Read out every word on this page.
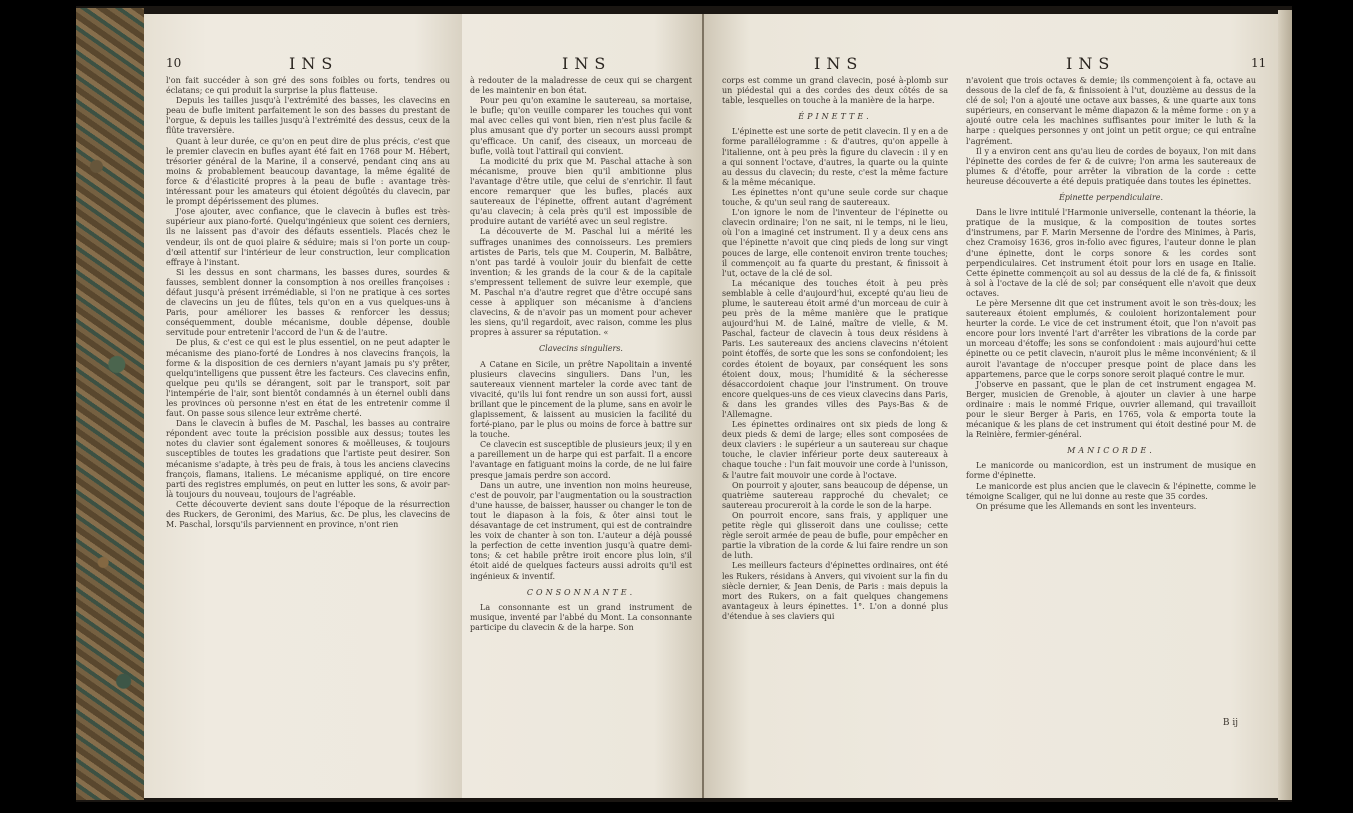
10	INS

l'on fait succéder à son gré des sons foibles ou forts, tendres ou éclatans; ce qui produit la surprise la plus flatteuse.

Depuis les tailles jusqu'à l'extrémité des basses, les clavecins en peau de bufle imitent parfaitement le son des basses du prestant de l'orgue, & depuis les tailles jusqu'à l'extrémité des dessus, ceux de la flûte traversière.

Quant à leur durée, ce qu'on en peut dire de plus précis, c'est que le premier clavecin en bufles ayant été fait en 1768 pour M. Hébert, trésorier général de la Marine, il a conservé, pendant cinq ans au moins & probablement beaucoup davantage, la même égalité de force & d'élasticité propres à la peau de bufle : avantage très-intéressant pour les amateurs qui étoient dégoûtés du clavecin, par le prompt dépérissement des plumes.

J'ose ajouter, avec confiance, que le clavecin à bufles est très-supérieur aux piano-forté. Quelqu'ingénieux que soient ces derniers, ils ne laissent pas d'avoir des défauts essentiels. Placés chez le vendeur, ils ont de quoi plaire & séduire; mais si l'on porte un coup-d'œil attentif sur l'intérieur de leur construction, leur complication effraye à l'instant.

Si les dessus en sont charmans, les basses dures, sourdes & fausses, semblent donner la consomption à nos oreilles françoises : défaut jusqu'à présent irrémédiable, si l'on ne pratique à ces sortes de clavecins un jeu de flûtes, tels qu'on en a vus quelques-uns à Paris, pour améliorer les basses & renforcer les dessus; conséquemment, double mécanisme, double dépense, double servitude pour entretenir l'accord de l'un & de l'autre.

De plus, & c'est ce qui est le plus essentiel, on ne peut adapter le mécanisme des piano-forté de Londres à nos clavecins françois, la forme & la disposition de ces derniers n'ayant jamais pu s'y prêter, quelqu'intelligens que pussent être les facteurs. Ces clavecins enfin, quelque peu qu'ils se dérangent, soit par le transport, soit par l'intempérie de l'air, sont bientôt condamnés à un éternel oubli dans les provinces où personne n'est en état de les entretenir comme il faut. On passe sous silence leur extrême cherté.

Dans le clavecin à bufles de M. Paschal, les basses au contraire répondent avec toute la précision possible aux dessus; toutes les notes du clavier sont également sonores & moëlleuses, & toujours susceptibles de toutes les gradations que l'artiste peut desirer. Son mécanisme s'adapte, à très peu de frais, à tous les anciens clavecins françois, flamans, italiens. Le mécanisme appliqué, on tire encore parti des registres emplumés, on peut en lutter les sons, & avoir par-là toujours du nouveau, toujours de l'agréable.

Cette découverte devient sans doute l'époque de la résurrection des Ruckers, de Geronimi, des Marius, &c. De plus, les clavecins de M. Paschal, lorsqu'ils parviennent en province, n'ont rien

INS

à redouter de la maladresse de ceux qui se chargent de les maintenir en bon état.

Pour peu qu'on examine le sautereau, sa mortaise, le bufle; qu'on veuille comparer les touches qui vont mal avec celles qui vont bien, rien n'est plus facile & plus amusant que d'y porter un secours aussi prompt qu'efficace. Un canif, des ciseaux, un morceau de bufle, voilà tout l'attirail qui convient.

La modicité du prix que M. Paschal attache à son mécanisme, prouve bien qu'il ambitionne plus l'avantage d'être utile, que celui de s'enrichir. Il faut encore remarquer que les bufles, placés aux sautereaux de l'épinette, offrent autant d'agrément qu'au clavecin; à cela près qu'il est impossible de produire autant de variété avec un seul registre.

La découverte de M. Paschal lui a mérité les suffrages unanimes des connoisseurs. Les premiers artistes de Paris, tels que M. Couperin, M. Balbâtre, n'ont pas tardé à vouloir jouir du bienfait de cette invention; & les grands de la cour & de la capitale s'empressent tellement de suivre leur exemple, que M. Paschal n'a d'autre regret que d'être occupé sans cesse à appliquer son mécanisme à d'anciens clavecins, & de n'avoir pas un moment pour achever les siens, qu'il regardoit, avec raison, comme les plus propres à assurer sa réputation. «

Clavecins singuliers.

A Catane en Sicile, un prêtre Napolitain a inventé plusieurs clavecins singuliers. Dans l'un, les sautereaux viennent marteler la corde avec tant de vivacité, qu'ils lui font rendre un son aussi fort, aussi brillant que le pincement de la plume, sans en avoir le glapissement, & laissent au musicien la facilité du forté-piano, par le plus ou moins de force à battre sur la touche.

Ce clavecin est susceptible de plusieurs jeux; il y en a pareillement un de harpe qui est parfait. Il a encore l'avantage en fatiguant moins la corde, de ne lui faire presque jamais perdre son accord.

Dans un autre, une invention non moins heureuse, c'est de pouvoir, par l'augmentation ou la soustraction d'une hausse, de baisser, hausser ou changer le ton de tout le diapason à la fois, & ôter ainsi tout le désavantage de cet instrument, qui est de contraindre les voix de chanter à son ton. L'auteur a déjà poussé la perfection de cette invention jusqu'à quatre demi-tons; & cet habile prêtre iroit encore plus loin, s'il étoit aidé de quelques facteurs aussi adroits qu'il est ingénieux & inventif.

CONSONNANTE.

La consonnante est un grand instrument de musique, inventé par l'abbé du Mont. La consonnante participe du clavecin & de la harpe. Son

INS

corps est comme un grand clavecin, posé à-plomb sur un piédestal qui a des cordes des deux côtés de sa table, lesquelles on touche à la manière de la harpe.

ÉPINETTE.

L'épinette est une sorte de petit clavecin. Il y en a de forme parallélogramme : & d'autres, qu'on appelle à l'italienne, ont à peu près la figure du clavecin : il y en a qui sonnent l'octave, d'autres, la quarte ou la quinte au dessus du clavecin; du reste, c'est la même facture & la même mécanique.

Les épinettes n'ont qu'une seule corde sur chaque touche, & qu'un seul rang de sautereaux.

L'on ignore le nom de l'inventeur de l'épinette ou clavecin ordinaire; l'on ne sait, ni le temps, ni le lieu, où l'on a imaginé cet instrument. Il y a deux cens ans que l'épinette n'avoit que cinq pieds de long sur vingt pouces de large, elle contenoit environ trente touches; il commençoit au fa quarte du prestant, & finissoit à l'ut, octave de la clé de sol.

La mécanique des touches étoit à peu près semblable à celle d'aujourd'hui, excepté qu'au lieu de plume, le sautereau étoit armé d'un morceau de cuir à peu près de la même manière que le pratique aujourd'hui M. de Lainé, maître de vielle, & M. Paschal, facteur de clavecin à tous deux résidens à Paris. Les sautereaux des anciens clavecins n'étoient point étoffés, de sorte que les sons se confondoient; les cordes étoient de boyaux, par conséquent les sons étoient doux, mous; l'humidité & la sécheresse désaccordoient chaque jour l'instrument. On trouve encore quelques-uns de ces vieux clavecins dans Paris, & dans les grandes villes des Pays-Bas & de l'Allemagne.

Les épinettes ordinaires ont six pieds de long & deux pieds & demi de large; elles sont composées de deux claviers : le supérieur a un sautereau sur chaque touche, le clavier inférieur porte deux sautereaux à chaque touche : l'un fait mouvoir une corde à l'unisson, & l'autre fait mouvoir une corde à l'octave.

On pourroit y ajouter, sans beaucoup de dépense, un quatrième sautereau rapproché du chevalet; ce sautereau procureroit à la corde le son de la harpe.

On pourroit encore, sans frais, y appliquer une petite règle qui glisseroit dans une coulisse; cette règle seroit armée de peau de bufle, pour empêcher en partie la vibration de la corde & lui faire rendre un son de luth.

Les meilleurs facteurs d'épinettes ordinaires, ont été les Rukers, résidans à Anvers, qui vivoient sur la fin du siècle dernier, & Jean Denis, de Paris : mais depuis la mort des Rukers, on a fait quelques changemens avantageux à leurs épinettes. 1°. L'on a donné plus d'étendue à ses claviers qui

INS	11

n'avoient que trois octaves & demie; ils commençoient à fa, octave au dessous de la clef de fa, & finissoient à l'ut, douzième au dessus de la clé de sol; l'on a ajouté une octave aux basses, & une quarte aux tons supérieurs, en conservant le même diapazon & la même forme : on y a ajouté outre cela les machines suffisantes pour imiter le luth & la harpe : quelques personnes y ont joint un petit orgue; ce qui entraîne l'agrément.

Il y a environ cent ans qu'au lieu de cordes de boyaux, l'on mit dans l'épinette des cordes de fer & de cuivre; l'on arma les sautereaux de plumes & d'étoffe, pour arrêter la vibration de la corde : cette heureuse découverte a été depuis pratiquée dans toutes les épinettes.

Épinette perpendiculaire.

Dans le livre intitulé l'Harmonie universelle, contenant la théorie, la pratique de la musique, & la composition de toutes sortes d'instrumens, par F. Marin Mersenne de l'ordre des Minimes, à Paris, chez Cramoisy 1636, gros in-folio avec figures, l'auteur donne le plan d'une épinette, dont le corps sonore & les cordes sont perpendiculaires. Cet instrument étoit pour lors en usage en Italie. Cette épinette commençoit au sol au dessus de la clé de fa, & finissoit à sol à l'octave de la clé de sol; par conséquent elle n'avoit que deux octaves.

Le père Mersenne dit que cet instrument avoit le son très-doux; les sautereaux étoient emplumés, & couloient horizontalement pour heurter la corde. Le vice de cet instrument étoit, que l'on n'avoit pas encore pour lors inventé l'art d'arrêter les vibrations de la corde par un morceau d'étoffe; les sons se confondoient : mais aujourd'hui cette épinette ou ce petit clavecin, n'auroit plus le même inconvénient; & il auroit l'avantage de n'occuper presque point de place dans les appartemens, parce que le corps sonore seroit plaqué contre le mur.

J'observe en passant, que le plan de cet instrument engagea M. Berger, musicien de Grenoble, à ajouter un clavier à une harpe ordinaire : mais le nommé Frique, ouvrier allemand, qui travailloit pour le sieur Berger à Paris, en 1765, vola & emporta toute la mécanique & les plans de cet instrument qui étoit destiné pour M. de la Reinière, fermier-général.

MANICORDE.

Le manicorde ou manicordion, est un instrument de musique en forme d'épinette.

Le manicorde est plus ancien que le clavecin & l'épinette, comme le témoigne Scaliger, qui ne lui donne au reste que 35 cordes.

On présume que les Allemands en sont les inventeurs.

B ij
